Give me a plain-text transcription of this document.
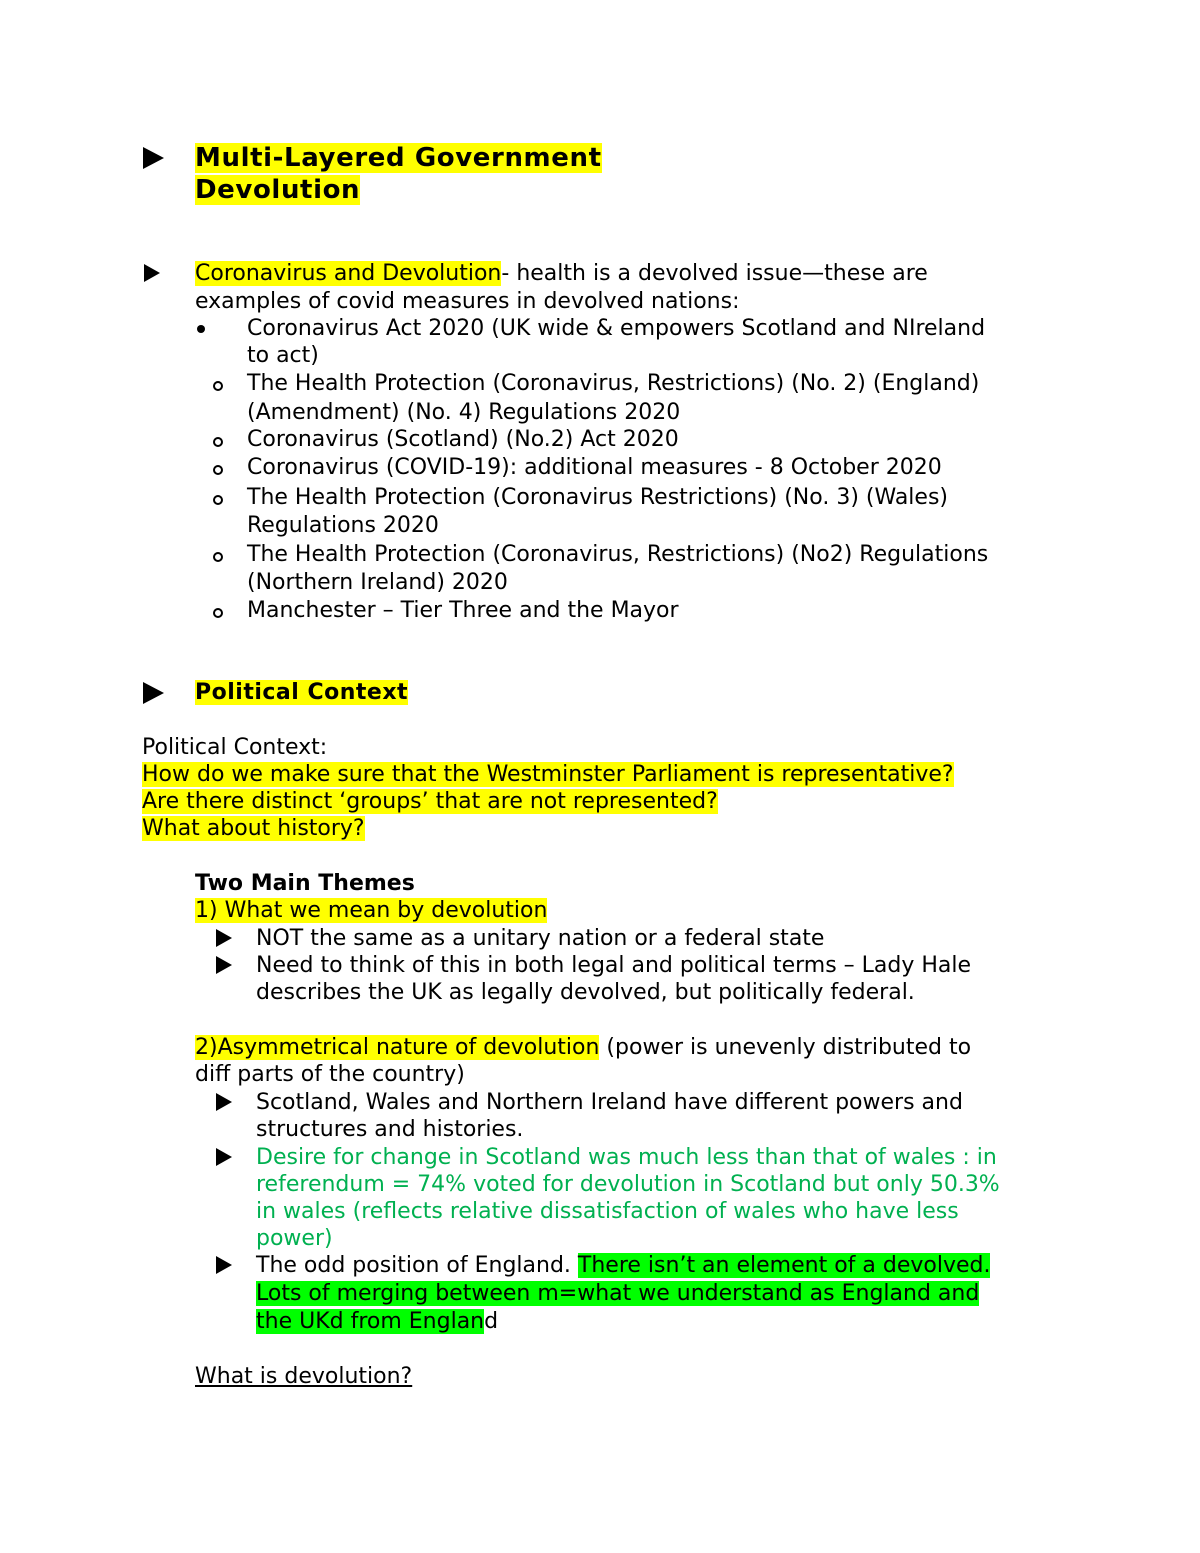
Multi-Layered Government
Devolution
Coronavirus and Devolution- health is a devolved issue—these are
examples of covid measures in devolved nations:
Coronavirus Act 2020 (UK wide & empowers Scotland and NIreland
to act)
The Health Protection (Coronavirus, Restrictions) (No. 2) (England)
(Amendment) (No. 4) Regulations 2020
Coronavirus (Scotland) (No.2) Act 2020
Coronavirus (COVID-19): additional measures - 8 October 2020
The Health Protection (Coronavirus Restrictions) (No. 3) (Wales)
Regulations 2020
The Health Protection (Coronavirus, Restrictions) (No2) Regulations
(Northern Ireland) 2020
Manchester – Tier Three and the Mayor
Political Context
Political Context:
How do we make sure that the Westminster Parliament is representative?
Are there distinct ‘groups’ that are not represented?
What about history?
Two Main Themes
1) What we mean by devolution
NOT the same as a unitary nation or a federal state
Need to think of this in both legal and political terms – Lady Hale
describes the UK as legally devolved, but politically federal.
2)Asymmetrical nature of devolution (power is unevenly distributed to
diff parts of the country)
Scotland, Wales and Northern Ireland have different powers and
structures and histories.
Desire for change in Scotland was much less than that of wales : in
referendum = 74% voted for devolution in Scotland but only 50.3%
in wales (reflects relative dissatisfaction of wales who have less
power)
The odd position of England. There isn’t an element of a devolved.
Lots of merging between m=what we understand as England and
the UKd from England
What is devolution?
